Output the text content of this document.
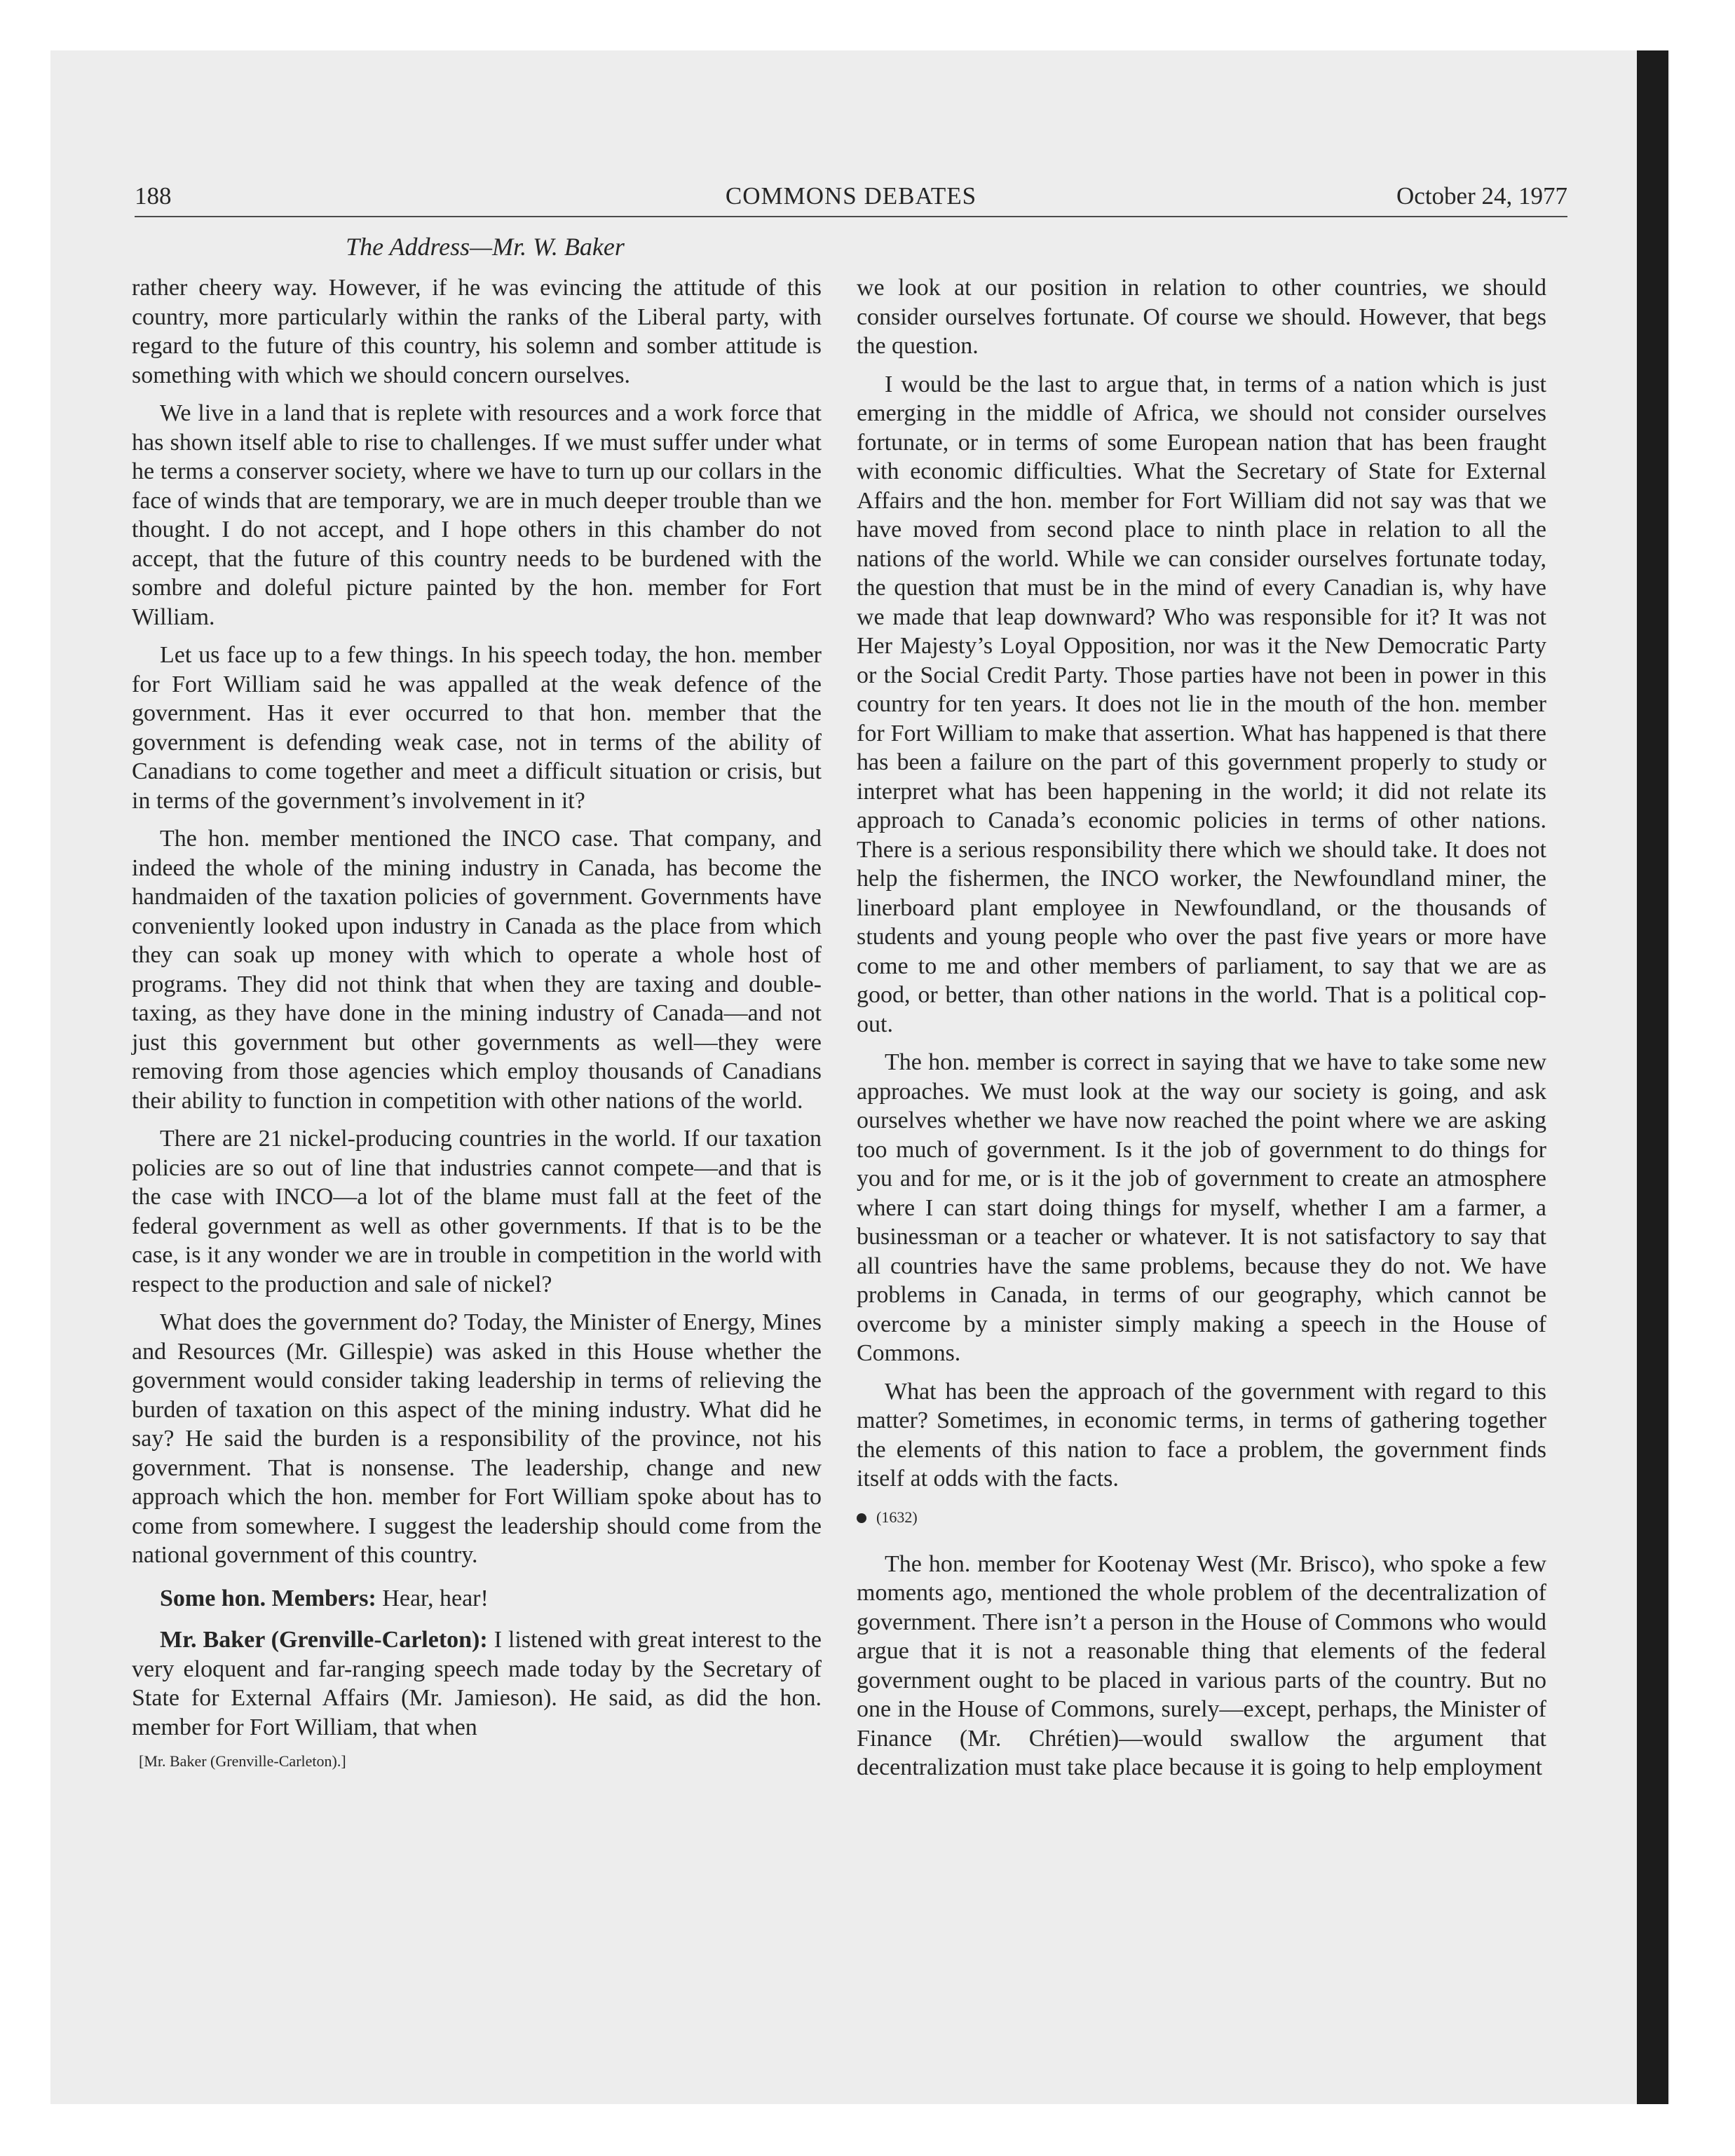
188	COMMONS DEBATES	October 24, 1977
The Address—Mr. W. Baker

rather cheery way. However, if he was evincing the attitude of this country, more particularly within the ranks of the Liberal party, with regard to the future of this country, his solemn and somber attitude is something with which we should concern ourselves.

We live in a land that is replete with resources and a work force that has shown itself able to rise to challenges. If we must suffer under what he terms a conserver society, where we have to turn up our collars in the face of winds that are temporary, we are in much deeper trouble than we thought. I do not accept, and I hope others in this chamber do not accept, that the future of this country needs to be burdened with the sombre and doleful picture painted by the hon. member for Fort William.

Let us face up to a few things. In his speech today, the hon. member for Fort William said he was appalled at the weak defence of the government. Has it ever occurred to that hon. member that the government is defending weak case, not in terms of the ability of Canadians to come together and meet a difficult situation or crisis, but in terms of the government’s involvement in it?

The hon. member mentioned the INCO case. That company, and indeed the whole of the mining industry in Canada, has become the handmaiden of the taxation policies of government. Governments have conveniently looked upon industry in Canada as the place from which they can soak up money with which to operate a whole host of programs. They did not think that when they are taxing and double-taxing, as they have done in the mining industry of Canada—and not just this government but other governments as well—they were removing from those agencies which employ thousands of Canadians their ability to function in competition with other nations of the world.

There are 21 nickel-producing countries in the world. If our taxation policies are so out of line that industries cannot compete—and that is the case with INCO—a lot of the blame must fall at the feet of the federal government as well as other governments. If that is to be the case, is it any wonder we are in trouble in competition in the world with respect to the production and sale of nickel?

What does the government do? Today, the Minister of Energy, Mines and Resources (Mr. Gillespie) was asked in this House whether the government would consider taking leadership in terms of relieving the burden of taxation on this aspect of the mining industry. What did he say? He said the burden is a responsibility of the province, not his government. That is nonsense. The leadership, change and new approach which the hon. member for Fort William spoke about has to come from somewhere. I suggest the leadership should come from the national government of this country.

Some hon. Members: Hear, hear!

Mr. Baker (Grenville-Carleton): I listened with great interest to the very eloquent and far-ranging speech made today by the Secretary of State for External Affairs (Mr. Jamieson). He said, as did the hon. member for Fort William, that when

[Mr. Baker (Grenville-Carleton).]

we look at our position in relation to other countries, we should consider ourselves fortunate. Of course we should. However, that begs the question.

I would be the last to argue that, in terms of a nation which is just emerging in the middle of Africa, we should not consider ourselves fortunate, or in terms of some European nation that has been fraught with economic difficulties. What the Secretary of State for External Affairs and the hon. member for Fort William did not say was that we have moved from second place to ninth place in relation to all the nations of the world. While we can consider ourselves fortunate today, the question that must be in the mind of every Canadian is, why have we made that leap downward? Who was responsible for it? It was not Her Majesty’s Loyal Opposition, nor was it the New Democratic Party or the Social Credit Party. Those parties have not been in power in this country for ten years. It does not lie in the mouth of the hon. member for Fort William to make that assertion. What has happened is that there has been a failure on the part of this government properly to study or interpret what has been happening in the world; it did not relate its approach to Canada’s economic policies in terms of other nations. There is a serious responsibility there which we should take. It does not help the fishermen, the INCO worker, the Newfoundland miner, the linerboard plant employee in Newfoundland, or the thousands of students and young people who over the past five years or more have come to me and other members of parliament, to say that we are as good, or better, than other nations in the world. That is a political cop-out.

The hon. member is correct in saying that we have to take some new approaches. We must look at the way our society is going, and ask ourselves whether we have now reached the point where we are asking too much of government. Is it the job of government to do things for you and for me, or is it the job of government to create an atmosphere where I can start doing things for myself, whether I am a farmer, a businessman or a teacher or whatever. It is not satisfactory to say that all countries have the same problems, because they do not. We have problems in Canada, in terms of our geography, which cannot be overcome by a minister simply making a speech in the House of Commons.

What has been the approach of the government with regard to this matter? Sometimes, in economic terms, in terms of gathering together the elements of this nation to face a problem, the government finds itself at odds with the facts.

(1632)

The hon. member for Kootenay West (Mr. Brisco), who spoke a few moments ago, mentioned the whole problem of the decentralization of government. There isn’t a person in the House of Commons who would argue that it is not a reasonable thing that elements of the federal government ought to be placed in various parts of the country. But no one in the House of Commons, surely—except, perhaps, the Minister of Finance (Mr. Chrétien)—would swallow the argument that decentralization must take place because it is going to help employment
